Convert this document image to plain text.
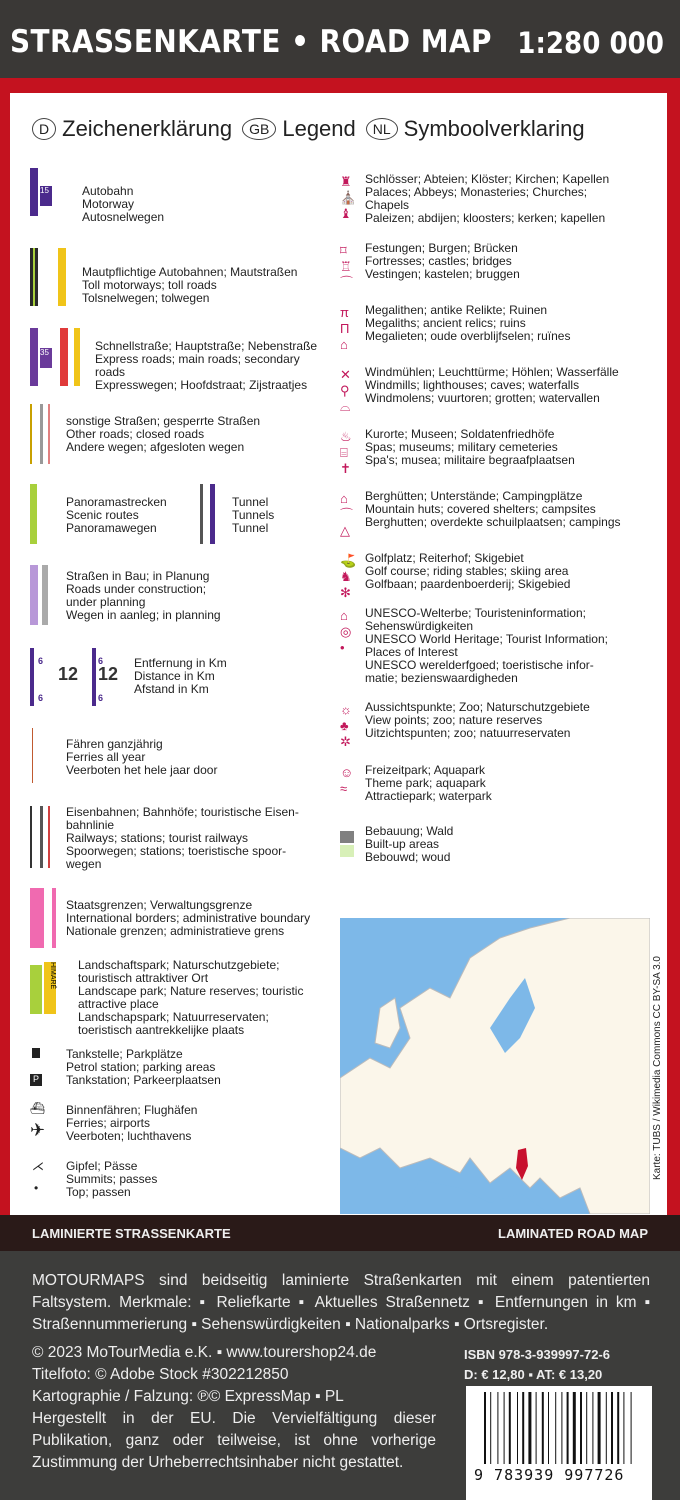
STRASSENKARTE • ROAD MAP 1:280 000
D Zeichenerklärung	GB Legend	NL Symboolverklaring
Autobahn
Motorway
Autosnelwegen
Mautpflichtige Autobahnen; Mautstraßen
Toll motorways; toll roads
Tolsnelwegen; tolwegen
Schnellstraße; Hauptstraße; Nebenstraße
Express roads; main roads; secondary
roads
Expresswegen; Hoofdstraat; Zijstraatjes
sonstige Straßen; gesperrte Straßen
Other roads; closed roads
Andere wegen; afgesloten wegen
Panoramastrecken
Scenic routes
Panoramawegen
Tunnel
Tunnels
Tunnel
Straßen in Bau; in Planung
Roads under construction;
under planning
Wegen in aanleg; in planning
Entfernung in Km
Distance in Km
Afstand in Km
Fähren ganzjährig
Ferries all year
Veerboten het hele jaar door
Eisenbahnen; Bahnhöfe; touristische Eisen-
bahnlinie
Railways; stations; tourist railways
Spoorwegen; stations; toeristische spoor-
wegen
Staatsgrenzen; Verwaltungsgrenze
International borders; administrative boundary
Nationale grenzen; administratieve grens
Landschaftspark; Naturschutzgebiete;
touristisch attraktiver Ort
Landscape park; Nature reserves; touristic
attractive place
Landschapspark; Natuurreservaten;
toeristisch aantrekkelijke plaats
Tankstelle; Parkplätze
Petrol station; parking areas
Tankstation; Parkeerplaatsen
Binnenfähren; Flughäfen
Ferries; airports
Veerboten; luchthavens
Gipfel; Pässe
Summits; passes
Top; passen
15
35
6
12
6
6
12
6
HIMARË
P
⛴
✈
⋌
•
Schlösser; Abteien; Klöster; Kirchen; Kapellen
Palaces; Abbeys; Monasteries; Churches;
Chapels
Paleizen; abdijen; kloosters; kerken; kapellen
♜
⛪
♝
Festungen; Burgen; Brücken
Fortresses; castles; bridges
Vestingen; kastelen; bruggen
⌑
♖
⌒
Megalithen; antike Relikte; Ruinen
Megaliths; ancient relics; ruins
Megalieten; oude overblijfselen; ruïnes
π
Π
⌂
Windmühlen; Leuchttürme; Höhlen; Wasserfälle
Windmills; lighthouses; caves; waterfalls
Windmolens; vuurtoren; grotten; watervallen
✕
⚲
⌓
Kurorte; Museen; Soldatenfriedhöfe
Spas; museums; military cemeteries
Spa's; musea; militaire begraafplaatsen
♨
⌸
✝
Berghütten; Unterstände; Campingplätze
Mountain huts; covered shelters; campsites
Berghutten; overdekte schuilplaatsen; campings
⌂
⌒
△
Golfplatz; Reiterhof; Skigebiet
Golf course; riding stables; skiing area
Golfbaan; paardenboerderij; Skigebied
⛳
♞
✻
UNESCO-Welterbe; Touristeninformation;
Sehenswürdigkeiten
UNESCO World Heritage; Tourist Information;
Places of Interest
UNESCO werelderfgoed; toeristische infor-
matie; bezienswaardigheden
⌂
◎
•
Aussichtspunkte; Zoo; Naturschutzgebiete
View points; zoo; nature reserves
Uitzichtspunten; zoo; natuurreservaten
☼
♣
✲
Freizeitpark; Aquapark
Theme park; aquapark
Attractiepark; waterpark
☺
≈
Bebauung; Wald
Built-up areas
Bebouwd; woud
Karte: TUBS / Wikimedia Commons CC BY-SA 3.0
LAMINIERTE STRASSENKARTE	LAMINATED ROAD MAP
MOTOURMAPS sind beidseitig laminierte Straßenkarten mit einem patentierten Faltsystem. Merkmale: ▪ Reliefkarte ▪ Aktuelles Straßennetz ▪ Entfernungen in km ▪ Straßennummerierung ▪ Sehenswürdigkeiten ▪ Nationalparks ▪ Ortsregister.
© 2023 MoTourMedia e.K. ▪ www.tourershop24.de
Titelfoto: © Adobe Stock #302212850
Kartographie / Falzung: ℗© ExpressMap ▪ PL
Hergestellt in der EU. Die Vervielfältigung dieser Publikation, ganz oder teilweise, ist ohne vorherige Zustimmung der Urheberrechtsinhaber nicht gestattet.
ISBN 978-3-939997-72-6
D: € 12,80 ▪ AT: € 13,20
9 783939 997726
